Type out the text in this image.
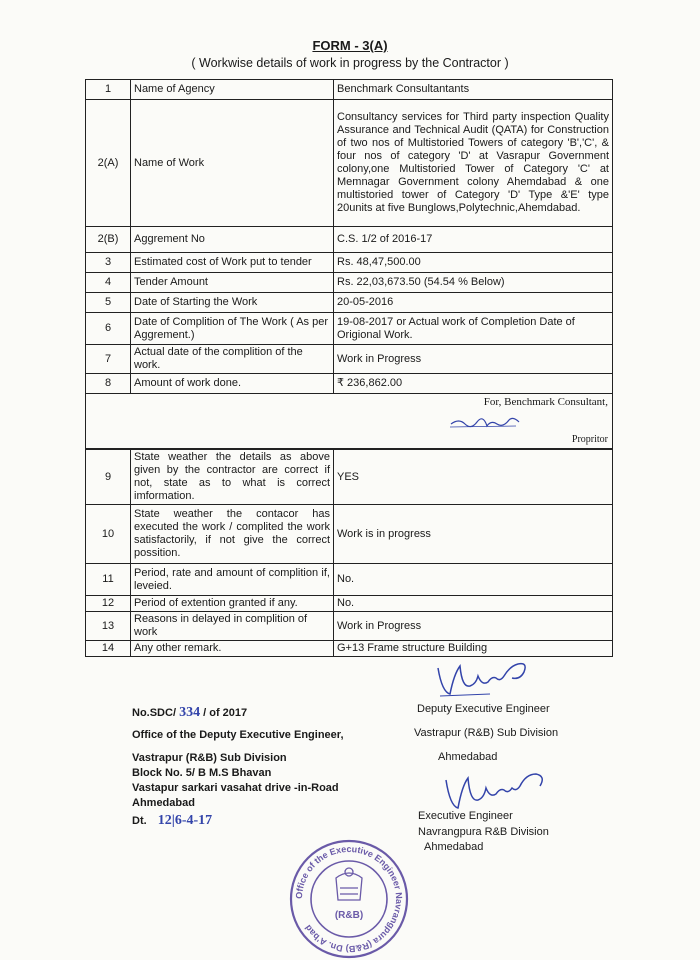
FORM - 3(A)
( Workwise details of work in progress by the Contractor )
1	Name of Agency	Benchmark Consultantants
2(A)	Name of Work	Consultancy services for Third party inspection Quality Assurance and Technical Audit (QATA) for Construction of two nos of Multistoried Towers of category 'B','C', & four nos of category 'D' at Vasrapur Government colony,one Multistoried Tower of Category 'C' at Memnagar Government colony Ahemdabad & one multistoried tower of Category 'D' Type &'E' type 20units at five Bunglows,Polytechnic,Ahemdabad.
2(B)	Aggrement No	C.S. 1/2 of 2016-17
3	Estimated cost of Work put to tender	Rs. 48,47,500.00
4	Tender Amount	Rs. 22,03,673.50 (54.54 % Below)
5	Date of Starting the Work	20-05-2016
6	Date of Complition of The Work ( As per Aggrement.)	19-08-2017 or Actual work of Completion Date of Origional Work.
7	Actual date of the complition of the work.	Work in Progress
8	Amount of work done.	₹ 236,862.00

For, Benchmark Consultant,
Propritor		
9	State weather the details as above given by the contractor are correct if not, state as to what is correct imformation.	YES
10	State weather the contacor has executed the work / complited the work satisfactorily, if not give the correct possition.	Work is in progress
11	Period, rate and amount of complition if, leveied.	No.
12	Period of extention granted if any.	No.
13	Reasons in delayed in complition of work	Work in Progress
14	Any other remark.	G+13 Frame structure Building
No.SDC/ 334 / of 2017
Office of the Deputy Executive Engineer,
Vastrapur (R&B) Sub Division
Block No. 5/ B M.S Bhavan
Vastapur sarkari vasahat drive -in-Road
Ahmedabad
Dt. 12|6-4-17
Deputy Executive Engineer
Vastrapur (R&B) Sub Division
Ahmedabad
Executive Engineer
Navrangpura R&B Division
Ahmedabad
Office of the Executive Engineer Navrangpura (R&B) Dn. A'bad
(R&B)
